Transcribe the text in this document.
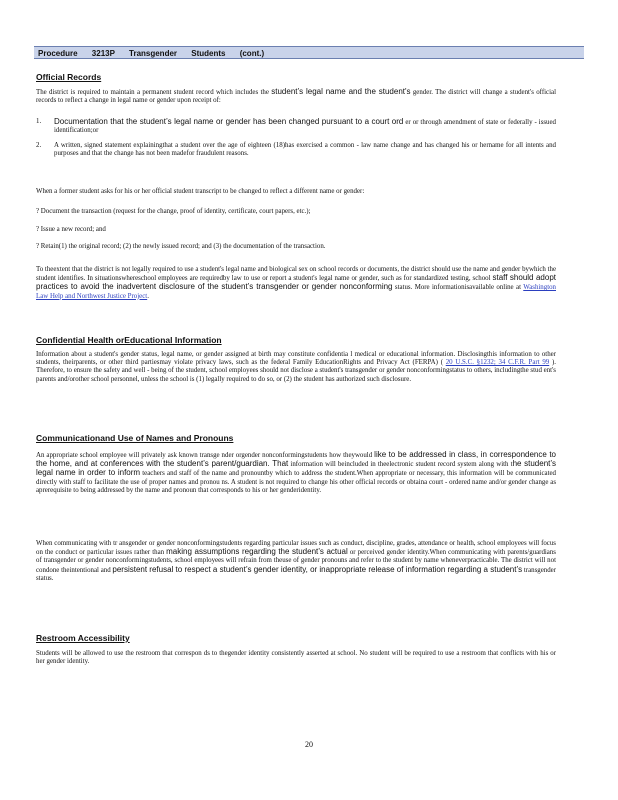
Procedure 3213P Transgender Students (cont.)
Official Records
The district is required to maintain a permanent student record which includes the student’s legal name and the student's gender. The district will change a student's official records to reflect a change in legal name or gender upon receipt of:
1. Documentation that the student’s legal name or gender has been changed pursuant to a court ord er or through amendment of state or federally - issued identification;or
2. A written, signed statement explainingthat a student over the age of eighteen (18)has exercised a common - law name change and has changed his or hername for all intents and purposes and that the change has not been madefor fraudulent reasons.
When a former student asks for his or her official student transcript to be changed to reflect a different name or gender:
? Document the transaction (request for the change, proof of identity, certificate, court papers, etc.);
? Issue a new record; and
? Retain(1) the original record; (2) the newly issued record; and (3) the documentation of the transaction.
To theextent that the district is not legally required to use a student's legal name and biological sex on school records or documents, the district should use the name and gender bywhich the student identifies. In situationswhereschool employees are requiredby law to use or report a student's legal name or gender, such as for standardized testing, school staff should adopt practices to avoid the inadvertent disclosure of the student’s transgender or gender nonconforming status. More informationisavailable online at Washington Law Help and Northwest Justice Project.
Confidential Health orEducational Information
Information about a student's gender status, legal name, or gender assigned at birth may constitute confidentia l medical or educational information. Disclosingthis information to other students, theirparents, or other third partiesmay violate privacy laws, such as the federal Family EducationRights and Privacy Act (FERPA) ( 20 U.S.C. §1232; 34 C.F.R. Part 99 ). Therefore, to ensure the safety and well - being of the student, school employees should not disclose a student's transgender or gender nonconformingstatus to others, includingthe stud ent's parents and/orother school personnel, unless the school is (1) legally required to do so, or (2) the student has authorized such disclosure.
Communicationand Use of Names and Pronouns
An appropriate school employee will privately ask known transge nder orgender nonconformingstudents how theywould like to be addressed in class, in correspondence to the home, and at conferences with the student’s parent/guardian. That information will beincluded in theelectronic student record system along with the student’s legal name in order to inform teachers and staff of the name and pronountby which to address the student.When appropriate or necessary, this information will be communicated directly with staff to facilitate the use of proper names and pronou ns. A student is not required to change his other official records or obtaina court - ordered name and/or gender change as aprerequisite to being addressed by the name and pronoun that corresponds to his or her genderidentity.
When communicating with tr ansgender or gender nonconformingstudents regarding particular issues such as conduct, discipline, grades, attendance or health, school employees will focus on the conduct or particular issues rather than making assumptions regarding the student’s actual or perceived gender identity.When communicating with parents/guardians of transgender or gender nonconformingstudents, school employees will refrain from theuse of gender pronouns and refer to the student by name wheneverpracticable. The district will not condone theintentional and persistent refusal to respect a student’s gender identity, or inappropriate release of information regarding a student’s transgender status.
Restroom Accessibility
Students will be allowed to use the restroom that correspon ds to thegender identity consistently asserted at school. No student will be required to use a restroom that conflicts with his or her gender identity.
20
